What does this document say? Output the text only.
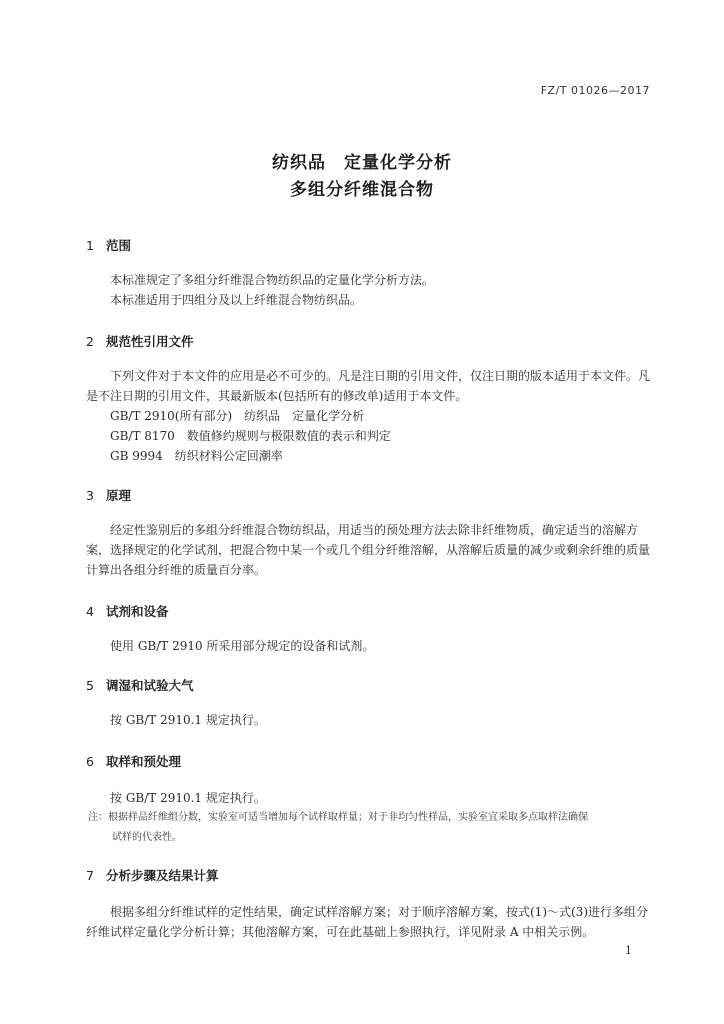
FZ/T 01026—2017
纺织品　定量化学分析
多组分纤维混合物
1 范围
本标准规定了多组分纤维混合物纺织品的定量化学分析方法。
本标准适用于四组分及以上纤维混合物纺织品。
2 规范性引用文件
下列文件对于本文件的应用是必不可少的。凡是注日期的引用文件，仅注日期的版本适用于本文件。凡是不注日期的引用文件，其最新版本(包括所有的修改单)适用于本文件。
GB/T 2910(所有部分)　纺织品　定量化学分析
GB/T 8170　数值修约规则与极限数值的表示和判定
GB 9994　纺织材料公定回潮率
3 原理
经定性鉴别后的多组分纤维混合物纺织品，用适当的预处理方法去除非纤维物质，确定适当的溶解方案，选择规定的化学试剂，把混合物中某一个或几个组分纤维溶解，从溶解后质量的减少或剩余纤维的质量计算出各组分纤维的质量百分率。
4 试剂和设备
使用 GB/T 2910 所采用部分规定的设备和试剂。
5 调湿和试验大气
按 GB/T 2910.1 规定执行。
6 取样和预处理
按 GB/T 2910.1 规定执行。
注：根据样品纤维组分数，实验室可适当增加每个试样取样量；对于非均匀性样品，实验室宜采取多点取样法确保
试样的代表性。
7 分析步骤及结果计算
根据多组分纤维试样的定性结果，确定试样溶解方案；对于顺序溶解方案，按式(1)～式(3)进行多组分纤维试样定量化学分析计算；其他溶解方案，可在此基础上参照执行，详见附录 A 中相关示例。
1
